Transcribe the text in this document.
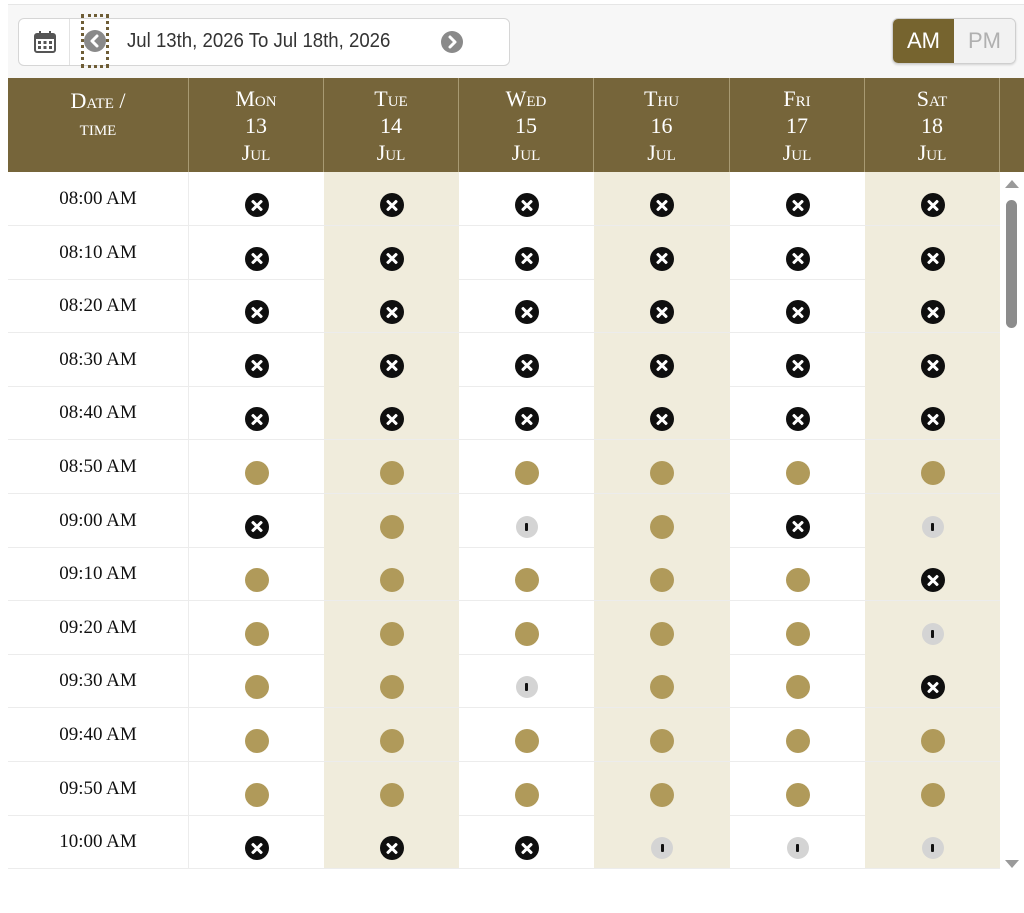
Jul 13th, 2026 To Jul 18th, 2026	AM	PM
Date /
time
Mon
13
Jul
Tue
14
Jul
Wed
15
Jul
Thu
16
Jul
Fri
17
Jul
Sat
18
Jul
08:00 AM
08:10 AM
08:20 AM
08:30 AM
08:40 AM
08:50 AM
09:00 AM
09:10 AM
09:20 AM
09:30 AM
09:40 AM
09:50 AM
10:00 AM
